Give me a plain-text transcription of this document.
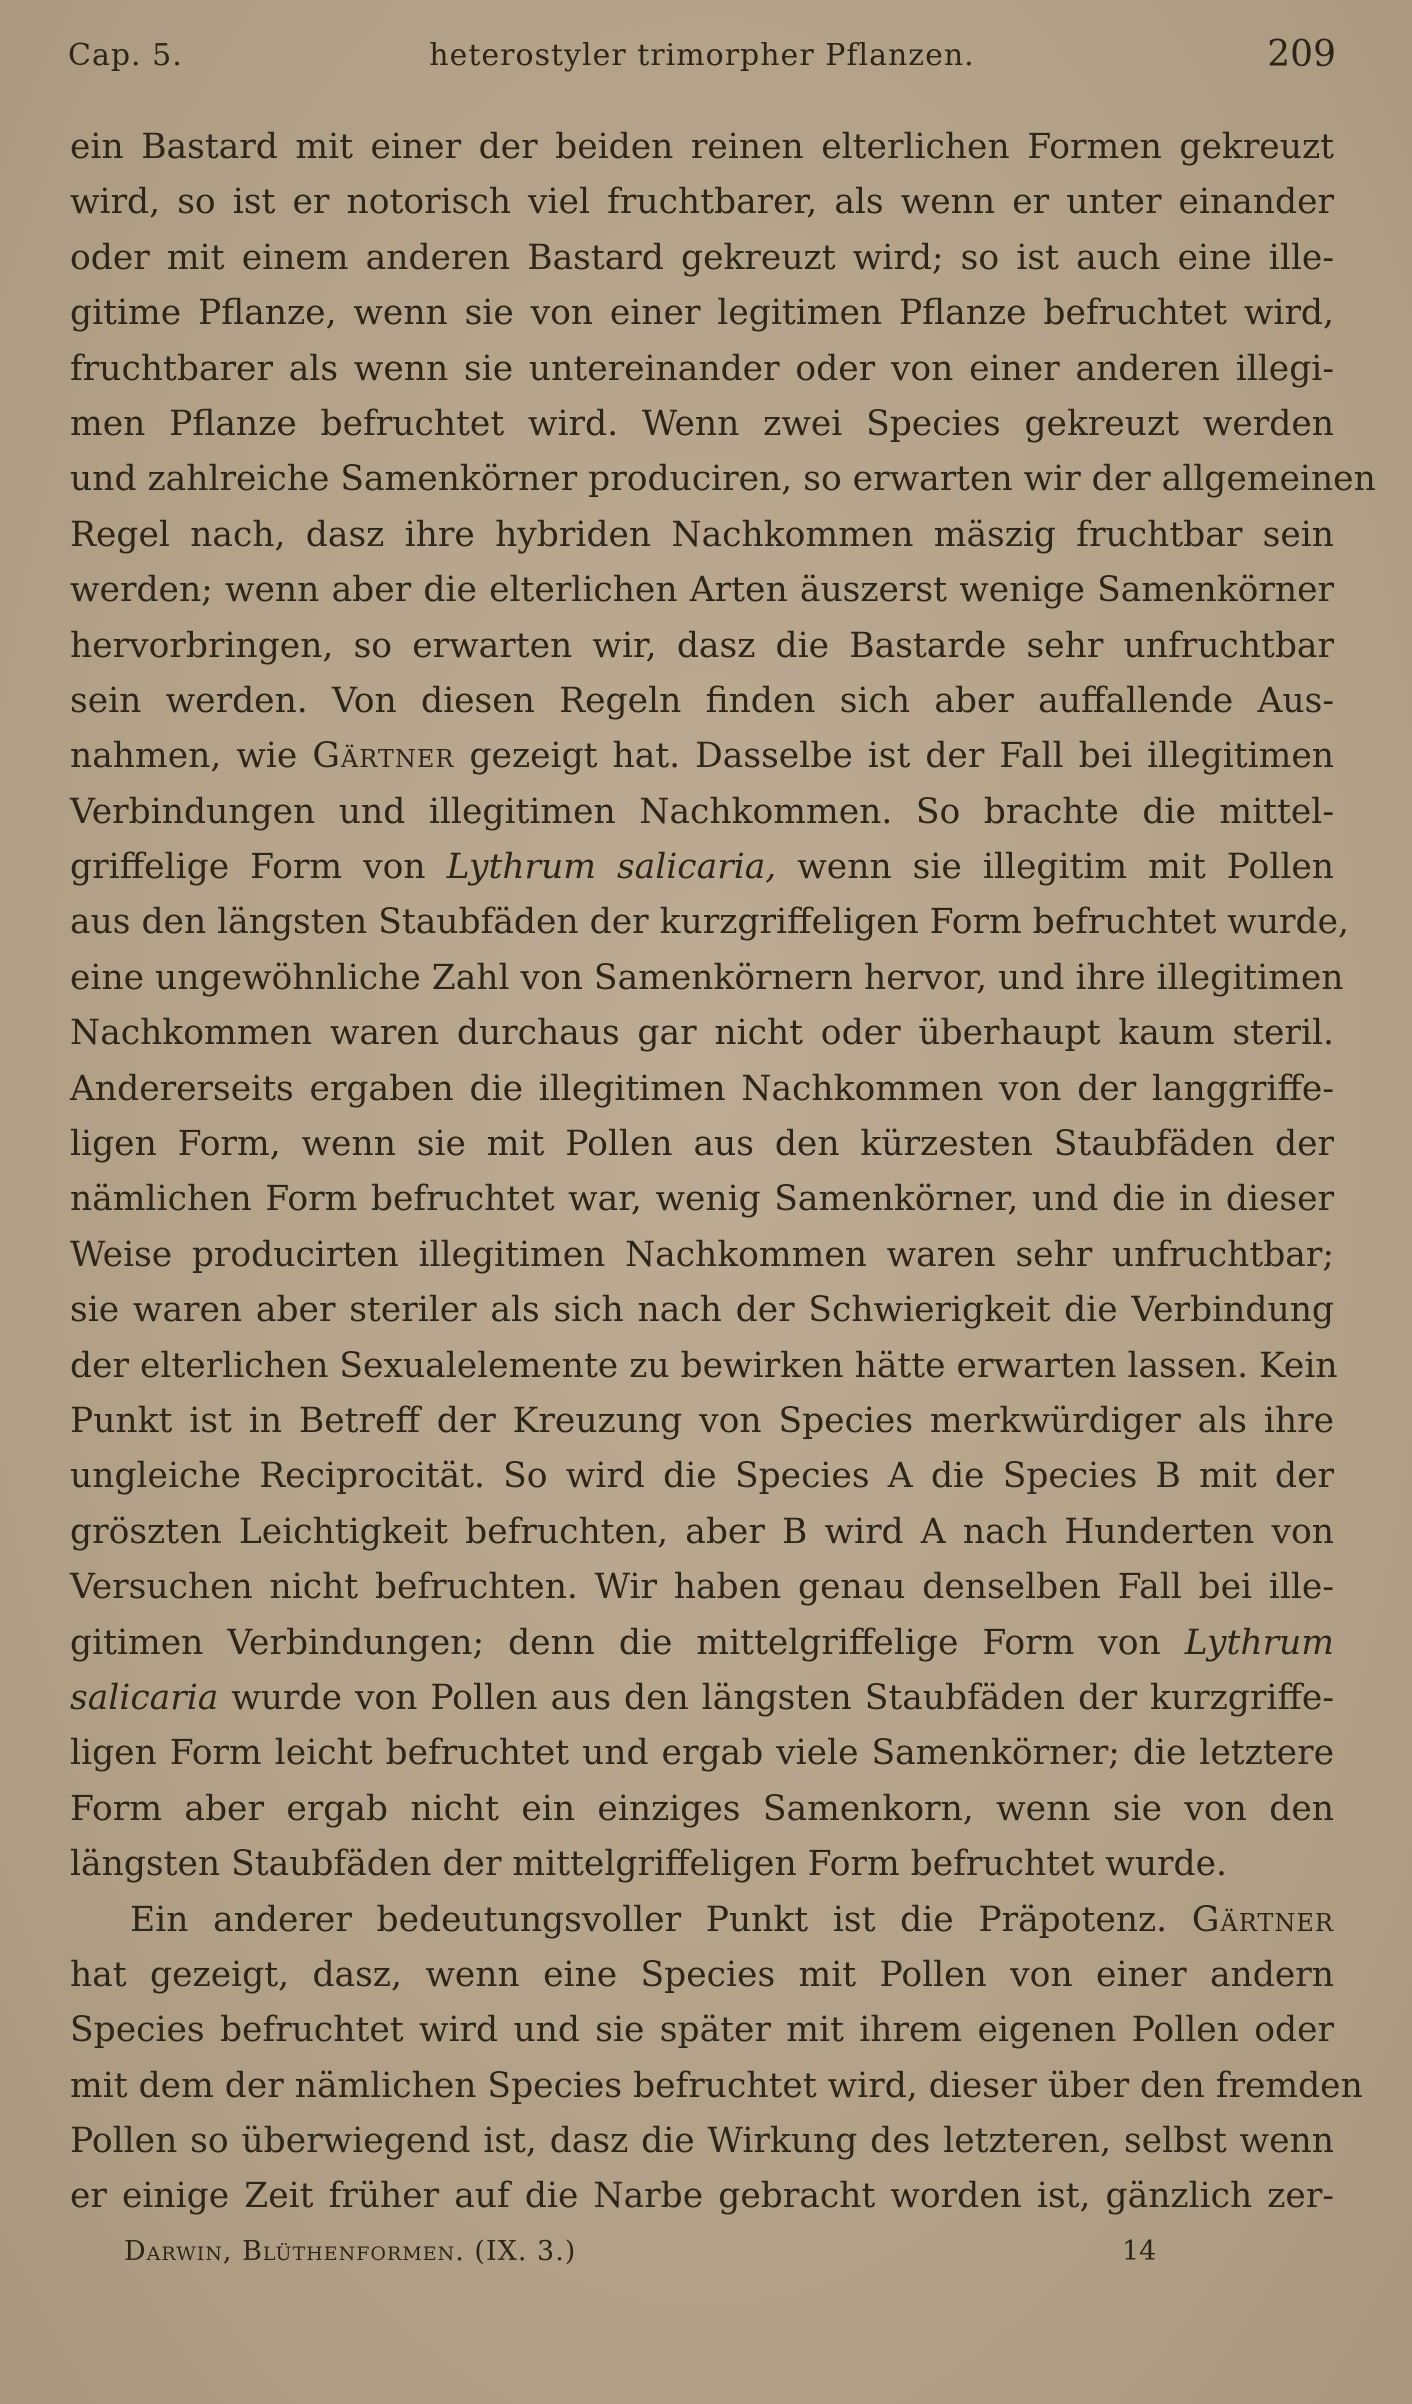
Cap. 5.	heterostyler trimorpher Pflanzen.	209
ein Bastard mit einer der beiden reinen elterlichen Formen gekreuzt
wird, so ist er notorisch viel fruchtbarer, als wenn er unter einander
oder mit einem anderen Bastard gekreuzt wird; so ist auch eine ille-
gitime Pflanze, wenn sie von einer legitimen Pflanze befruchtet wird,
fruchtbarer als wenn sie untereinander oder von einer anderen illegi-
men Pflanze befruchtet wird. Wenn zwei Species gekreuzt werden
und zahlreiche Samenkörner produciren, so erwarten wir der allgemeinen
Regel nach, dasz ihre hybriden Nachkommen mäszig fruchtbar sein
werden; wenn aber die elterlichen Arten äuszerst wenige Samenkörner
hervorbringen, so erwarten wir, dasz die Bastarde sehr unfruchtbar
sein werden. Von diesen Regeln finden sich aber auffallende Aus-
nahmen, wie Gärtner gezeigt hat. Dasselbe ist der Fall bei illegitimen
Verbindungen und illegitimen Nachkommen. So brachte die mittel-
griffelige Form von Lythrum salicaria, wenn sie illegitim mit Pollen
aus den längsten Staubfäden der kurzgriffeligen Form befruchtet wurde,
eine ungewöhnliche Zahl von Samenkörnern hervor, und ihre illegitimen
Nachkommen waren durchaus gar nicht oder überhaupt kaum steril.
Andererseits ergaben die illegitimen Nachkommen von der langgriffe-
ligen Form, wenn sie mit Pollen aus den kürzesten Staubfäden der
nämlichen Form befruchtet war, wenig Samenkörner, und die in dieser
Weise producirten illegitimen Nachkommen waren sehr unfruchtbar;
sie waren aber steriler als sich nach der Schwierigkeit die Verbindung
der elterlichen Sexualelemente zu bewirken hätte erwarten lassen. Kein
Punkt ist in Betreff der Kreuzung von Species merkwürdiger als ihre
ungleiche Reciprocität. So wird die Species A die Species B mit der
gröszten Leichtigkeit befruchten, aber B wird A nach Hunderten von
Versuchen nicht befruchten. Wir haben genau denselben Fall bei ille-
gitimen Verbindungen; denn die mittelgriffelige Form von Lythrum
salicaria wurde von Pollen aus den längsten Staubfäden der kurzgriffe-
ligen Form leicht befruchtet und ergab viele Samenkörner; die letztere
Form aber ergab nicht ein einziges Samenkorn, wenn sie von den
längsten Staubfäden der mittelgriffeligen Form befruchtet wurde.
Ein anderer bedeutungsvoller Punkt ist die Präpotenz. Gärtner
hat gezeigt, dasz, wenn eine Species mit Pollen von einer andern
Species befruchtet wird und sie später mit ihrem eigenen Pollen oder
mit dem der nämlichen Species befruchtet wird, dieser über den fremden
Pollen so überwiegend ist, dasz die Wirkung des letzteren, selbst wenn
er einige Zeit früher auf die Narbe gebracht worden ist, gänzlich zer-
Darwin, Blüthenformen. (IX. 3.)	14
